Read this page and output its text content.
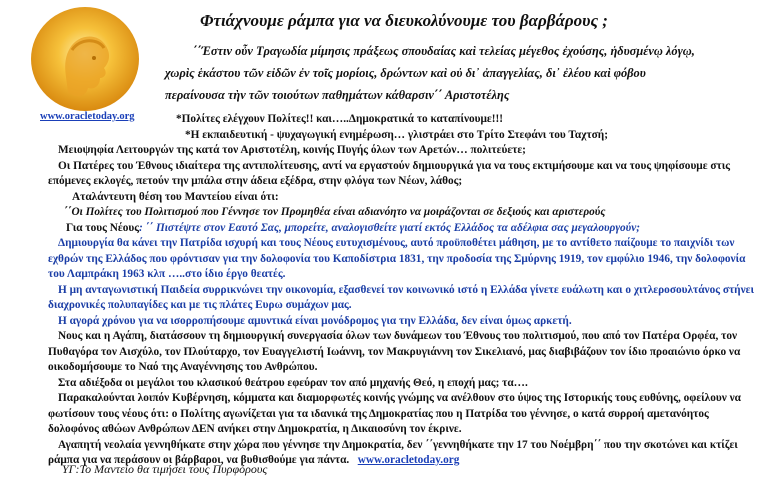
www.oracletoday.org
Φτιάχνουμε ράμπα για να διευκολύνουμε του βαρβάρους ;
΄΄Έστιν οὖν Τραγωδία μίμησις πράξεως σπουδαίας καὶ τελείας μέγεθος ἐχούσης, ἡδυσμένῳ λόγῳ,
χωρὶς ἑκάστου τῶν εἰδῶν ἐν τοῖς μορίοις, δρώντων καὶ οὐ δι᾽ ἀπαγγελίας, δι᾽ ἐλέου καὶ φόβου
περαίνουσα τὴν τῶν τοιούτων παθημάτων κάθαρσιν΄΄ Αριστοτέλης

*Πολίτες ελέγχουν Πολίτες!! και…..Δημοκρατικά το καταπίνουμε!!!

*Η εκπαιδευτική - ψυχαγωγική ενημέρωση… γλιστράει στο Τρίτο Στεφάνι του Ταχτσή;

Μειοψηφία Λειτουργών της κατά τον Αριστοτέλη, κοινής Πυγής όλων των Αρετών… πολιτεύετε;

Οι Πατέρες του Έθνους ιδιαίτερα της αντιπολίτευσης, αντί να εργαστούν δημιουργικά για να τους εκτιμήσουμε και να τους ψηφίσουμε στις επόμενες εκλογές, πετούν την μπάλα στην άδεια εξέδρα, στην φλόγα των Νέων, λάθος;

Αταλάντευτη θέση του Μαντείου είναι ότι:

΄΄Οι Πολίτες του Πολιτισμού που Γέννησε τον Προμηθέα είναι αδιανόητο να μοιράζονται σε δεξιούς και αριστερούς

Για τους Νέους: ΄΄ Πιστέψτε στον Εαυτό Σας, μπορείτε, αναλογισθείτε γιατί εκτός Ελλάδος τα αδέλφια σας μεγαλουργούν;

Δημιουργία θα κάνει την Πατρίδα ισχυρή και τους Νέους ευτυχισμένους, αυτό προϋποθέτει μάθηση, με το αντίθετο παίζουμε το παιχνίδι των εχθρών της Ελλάδος που φρόντισαν για την δολοφονία του Καποδίστρια 1831, την προδοσία της Σμύρνης 1919, τον εμφύλιο 1946, την δολοφονία του Λαμπράκη 1963 κλπ …..στο ίδιο έργο θεατές.

Η μη ανταγωνιστική Παιδεία συρρικνώνει την οικονομία, εξασθενεί τον κοινωνικό ιστό η Ελλάδα γίνετε ευάλωτη και ο χιτλεροσουλτάνος στήνει διαχρονικές πολυπαγίδες και με τις πλάτες Ευρω συμάχων μας.

Η αγορά χρόνου για να ισορροπήσουμε αμυντικά είναι μονόδρομος για την Ελλάδα, δεν είναι όμως αρκετή.

Νους και η Αγάπη, διατάσσουν τη δημιουργική συνεργασία όλων των δυνάμεων του Έθνους του πολιτισμού, που από τον Πατέρα Ορφέα, τον Πυθαγόρα τον Αισχύλο, τον Πλούταρχο, τον Ευαγγελιστή Ιωάννη, τον Μακρυγιάννη τον Σικελιανό, μας διαβιβάζουν τον ίδιο προαιώνιο όρκο να οικοδομήσουμε το Ναό της Αναγέννησης του Ανθρώπου.

Στα αδιέξοδα οι μεγάλοι του κλασικού θεάτρου εφεύραν τον από μηχανής Θεό, η εποχή μας; τα….

Παρακαλούνται λοιπόν Κυβέρνηση, κόμματα και διαμορφωτές κοινής γνώμης να ανέλθουν στο ύψος της Ιστορικής τους ευθύνης, οφείλουν να φωτίσουν τους νέους ότι: ο Πολίτης αγωνίζεται για τα ιδανικά της Δημοκρατίας που η Πατρίδα του γέννησε, ο κατά συρροή αμετανόητος δολοφόνος αθώων Ανθρώπων ΔΕΝ ανήκει στην Δημοκρατία, η Δικαιοσύνη τον έκρινε.

Αγαπητή νεολαία γεννηθήκατε στην χώρα που γέννησε την Δημοκρατία, δεν ΄΄γεννηθήκατε την 17 του Νοέμβρη΄΄ που την σκοτώνει και κτίζει ράμπα για να περάσουν οι βάρβαροι, να βυθισθούμε για πάντα. www.oracletoday.org

ΥΓ:Το Μαντείο θα τιμήσει τους Πυρφόρους
